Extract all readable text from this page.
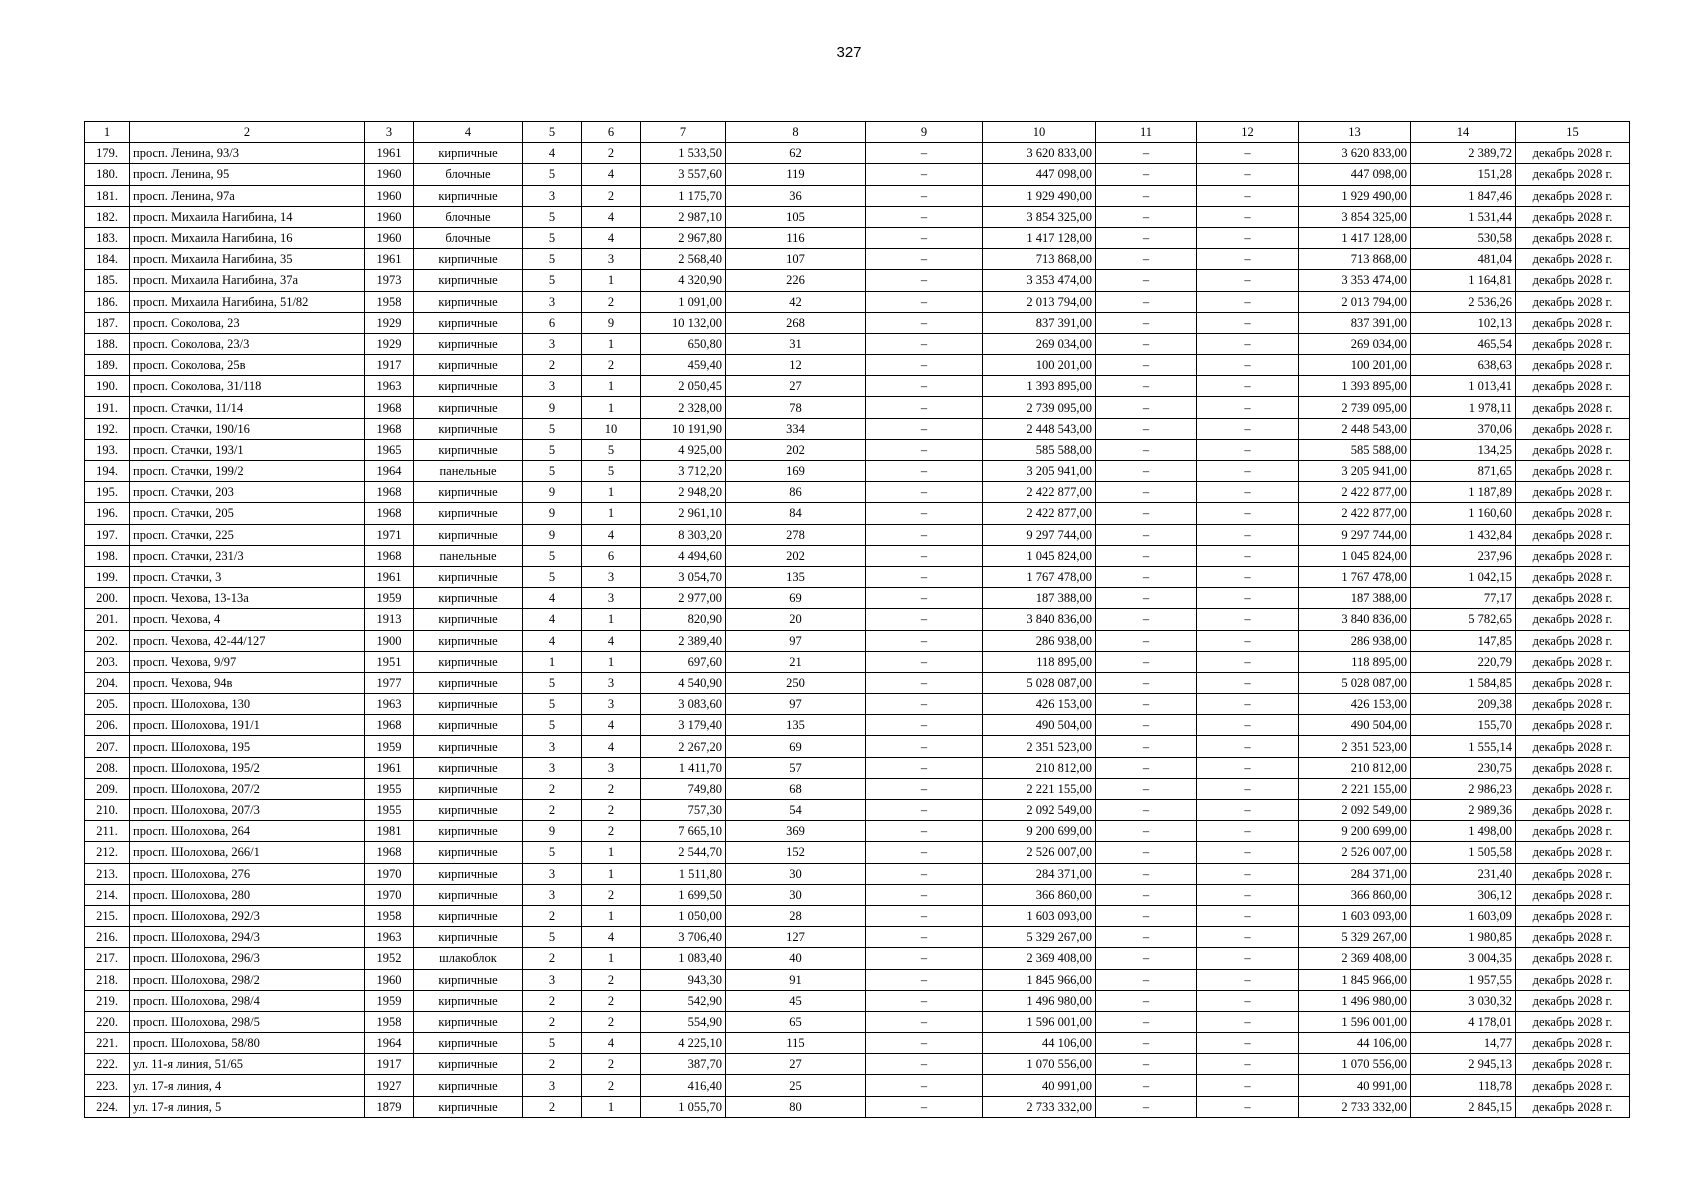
327
1	2	3	4	5	6	7	8	9	10	11	12	13	14	15
179.	просп. Ленина, 93/3	1961	кирпичные	4	2	1 533,50	62	–	3 620 833,00	–	–	3 620 833,00	2 389,72	декабрь 2028 г.
180.	просп. Ленина, 95	1960	блочные	5	4	3 557,60	119	–	447 098,00	–	–	447 098,00	151,28	декабрь 2028 г.
181.	просп. Ленина, 97а	1960	кирпичные	3	2	1 175,70	36	–	1 929 490,00	–	–	1 929 490,00	1 847,46	декабрь 2028 г.
182.	просп. Михаила Нагибина, 14	1960	блочные	5	4	2 987,10	105	–	3 854 325,00	–	–	3 854 325,00	1 531,44	декабрь 2028 г.
183.	просп. Михаила Нагибина, 16	1960	блочные	5	4	2 967,80	116	–	1 417 128,00	–	–	1 417 128,00	530,58	декабрь 2028 г.
184.	просп. Михаила Нагибина, 35	1961	кирпичные	5	3	2 568,40	107	–	713 868,00	–	–	713 868,00	481,04	декабрь 2028 г.
185.	просп. Михаила Нагибина, 37а	1973	кирпичные	5	1	4 320,90	226	–	3 353 474,00	–	–	3 353 474,00	1 164,81	декабрь 2028 г.
186.	просп. Михаила Нагибина, 51/82	1958	кирпичные	3	2	1 091,00	42	–	2 013 794,00	–	–	2 013 794,00	2 536,26	декабрь 2028 г.
187.	просп. Соколова, 23	1929	кирпичные	6	9	10 132,00	268	–	837 391,00	–	–	837 391,00	102,13	декабрь 2028 г.
188.	просп. Соколова, 23/3	1929	кирпичные	3	1	650,80	31	–	269 034,00	–	–	269 034,00	465,54	декабрь 2028 г.
189.	просп. Соколова, 25в	1917	кирпичные	2	2	459,40	12	–	100 201,00	–	–	100 201,00	638,63	декабрь 2028 г.
190.	просп. Соколова, 31/118	1963	кирпичные	3	1	2 050,45	27	–	1 393 895,00	–	–	1 393 895,00	1 013,41	декабрь 2028 г.
191.	просп. Стачки, 11/14	1968	кирпичные	9	1	2 328,00	78	–	2 739 095,00	–	–	2 739 095,00	1 978,11	декабрь 2028 г.
192.	просп. Стачки, 190/16	1968	кирпичные	5	10	10 191,90	334	–	2 448 543,00	–	–	2 448 543,00	370,06	декабрь 2028 г.
193.	просп. Стачки, 193/1	1965	кирпичные	5	5	4 925,00	202	–	585 588,00	–	–	585 588,00	134,25	декабрь 2028 г.
194.	просп. Стачки, 199/2	1964	панельные	5	5	3 712,20	169	–	3 205 941,00	–	–	3 205 941,00	871,65	декабрь 2028 г.
195.	просп. Стачки, 203	1968	кирпичные	9	1	2 948,20	86	–	2 422 877,00	–	–	2 422 877,00	1 187,89	декабрь 2028 г.
196.	просп. Стачки, 205	1968	кирпичные	9	1	2 961,10	84	–	2 422 877,00	–	–	2 422 877,00	1 160,60	декабрь 2028 г.
197.	просп. Стачки, 225	1971	кирпичные	9	4	8 303,20	278	–	9 297 744,00	–	–	9 297 744,00	1 432,84	декабрь 2028 г.
198.	просп. Стачки, 231/3	1968	панельные	5	6	4 494,60	202	–	1 045 824,00	–	–	1 045 824,00	237,96	декабрь 2028 г.
199.	просп. Стачки, 3	1961	кирпичные	5	3	3 054,70	135	–	1 767 478,00	–	–	1 767 478,00	1 042,15	декабрь 2028 г.
200.	просп. Чехова, 13-13а	1959	кирпичные	4	3	2 977,00	69	–	187 388,00	–	–	187 388,00	77,17	декабрь 2028 г.
201.	просп. Чехова, 4	1913	кирпичные	4	1	820,90	20	–	3 840 836,00	–	–	3 840 836,00	5 782,65	декабрь 2028 г.
202.	просп. Чехова, 42-44/127	1900	кирпичные	4	4	2 389,40	97	–	286 938,00	–	–	286 938,00	147,85	декабрь 2028 г.
203.	просп. Чехова, 9/97	1951	кирпичные	1	1	697,60	21	–	118 895,00	–	–	118 895,00	220,79	декабрь 2028 г.
204.	просп. Чехова, 94в	1977	кирпичные	5	3	4 540,90	250	–	5 028 087,00	–	–	5 028 087,00	1 584,85	декабрь 2028 г.
205.	просп. Шолохова, 130	1963	кирпичные	5	3	3 083,60	97	–	426 153,00	–	–	426 153,00	209,38	декабрь 2028 г.
206.	просп. Шолохова, 191/1	1968	кирпичные	5	4	3 179,40	135	–	490 504,00	–	–	490 504,00	155,70	декабрь 2028 г.
207.	просп. Шолохова, 195	1959	кирпичные	3	4	2 267,20	69	–	2 351 523,00	–	–	2 351 523,00	1 555,14	декабрь 2028 г.
208.	просп. Шолохова, 195/2	1961	кирпичные	3	3	1 411,70	57	–	210 812,00	–	–	210 812,00	230,75	декабрь 2028 г.
209.	просп. Шолохова, 207/2	1955	кирпичные	2	2	749,80	68	–	2 221 155,00	–	–	2 221 155,00	2 986,23	декабрь 2028 г.
210.	просп. Шолохова, 207/3	1955	кирпичные	2	2	757,30	54	–	2 092 549,00	–	–	2 092 549,00	2 989,36	декабрь 2028 г.
211.	просп. Шолохова, 264	1981	кирпичные	9	2	7 665,10	369	–	9 200 699,00	–	–	9 200 699,00	1 498,00	декабрь 2028 г.
212.	просп. Шолохова, 266/1	1968	кирпичные	5	1	2 544,70	152	–	2 526 007,00	–	–	2 526 007,00	1 505,58	декабрь 2028 г.
213.	просп. Шолохова, 276	1970	кирпичные	3	1	1 511,80	30	–	284 371,00	–	–	284 371,00	231,40	декабрь 2028 г.
214.	просп. Шолохова, 280	1970	кирпичные	3	2	1 699,50	30	–	366 860,00	–	–	366 860,00	306,12	декабрь 2028 г.
215.	просп. Шолохова, 292/3	1958	кирпичные	2	1	1 050,00	28	–	1 603 093,00	–	–	1 603 093,00	1 603,09	декабрь 2028 г.
216.	просп. Шолохова, 294/3	1963	кирпичные	5	4	3 706,40	127	–	5 329 267,00	–	–	5 329 267,00	1 980,85	декабрь 2028 г.
217.	просп. Шолохова, 296/3	1952	шлакоблок	2	1	1 083,40	40	–	2 369 408,00	–	–	2 369 408,00	3 004,35	декабрь 2028 г.
218.	просп. Шолохова, 298/2	1960	кирпичные	3	2	943,30	91	–	1 845 966,00	–	–	1 845 966,00	1 957,55	декабрь 2028 г.
219.	просп. Шолохова, 298/4	1959	кирпичные	2	2	542,90	45	–	1 496 980,00	–	–	1 496 980,00	3 030,32	декабрь 2028 г.
220.	просп. Шолохова, 298/5	1958	кирпичные	2	2	554,90	65	–	1 596 001,00	–	–	1 596 001,00	4 178,01	декабрь 2028 г.
221.	просп. Шолохова, 58/80	1964	кирпичные	5	4	4 225,10	115	–	44 106,00	–	–	44 106,00	14,77	декабрь 2028 г.
222.	ул. 11-я линия, 51/65	1917	кирпичные	2	2	387,70	27	–	1 070 556,00	–	–	1 070 556,00	2 945,13	декабрь 2028 г.
223.	ул. 17-я линия, 4	1927	кирпичные	3	2	416,40	25	–	40 991,00	–	–	40 991,00	118,78	декабрь 2028 г.
224.	ул. 17-я линия, 5	1879	кирпичные	2	1	1 055,70	80	–	2 733 332,00	–	–	2 733 332,00	2 845,15	декабрь 2028 г.
